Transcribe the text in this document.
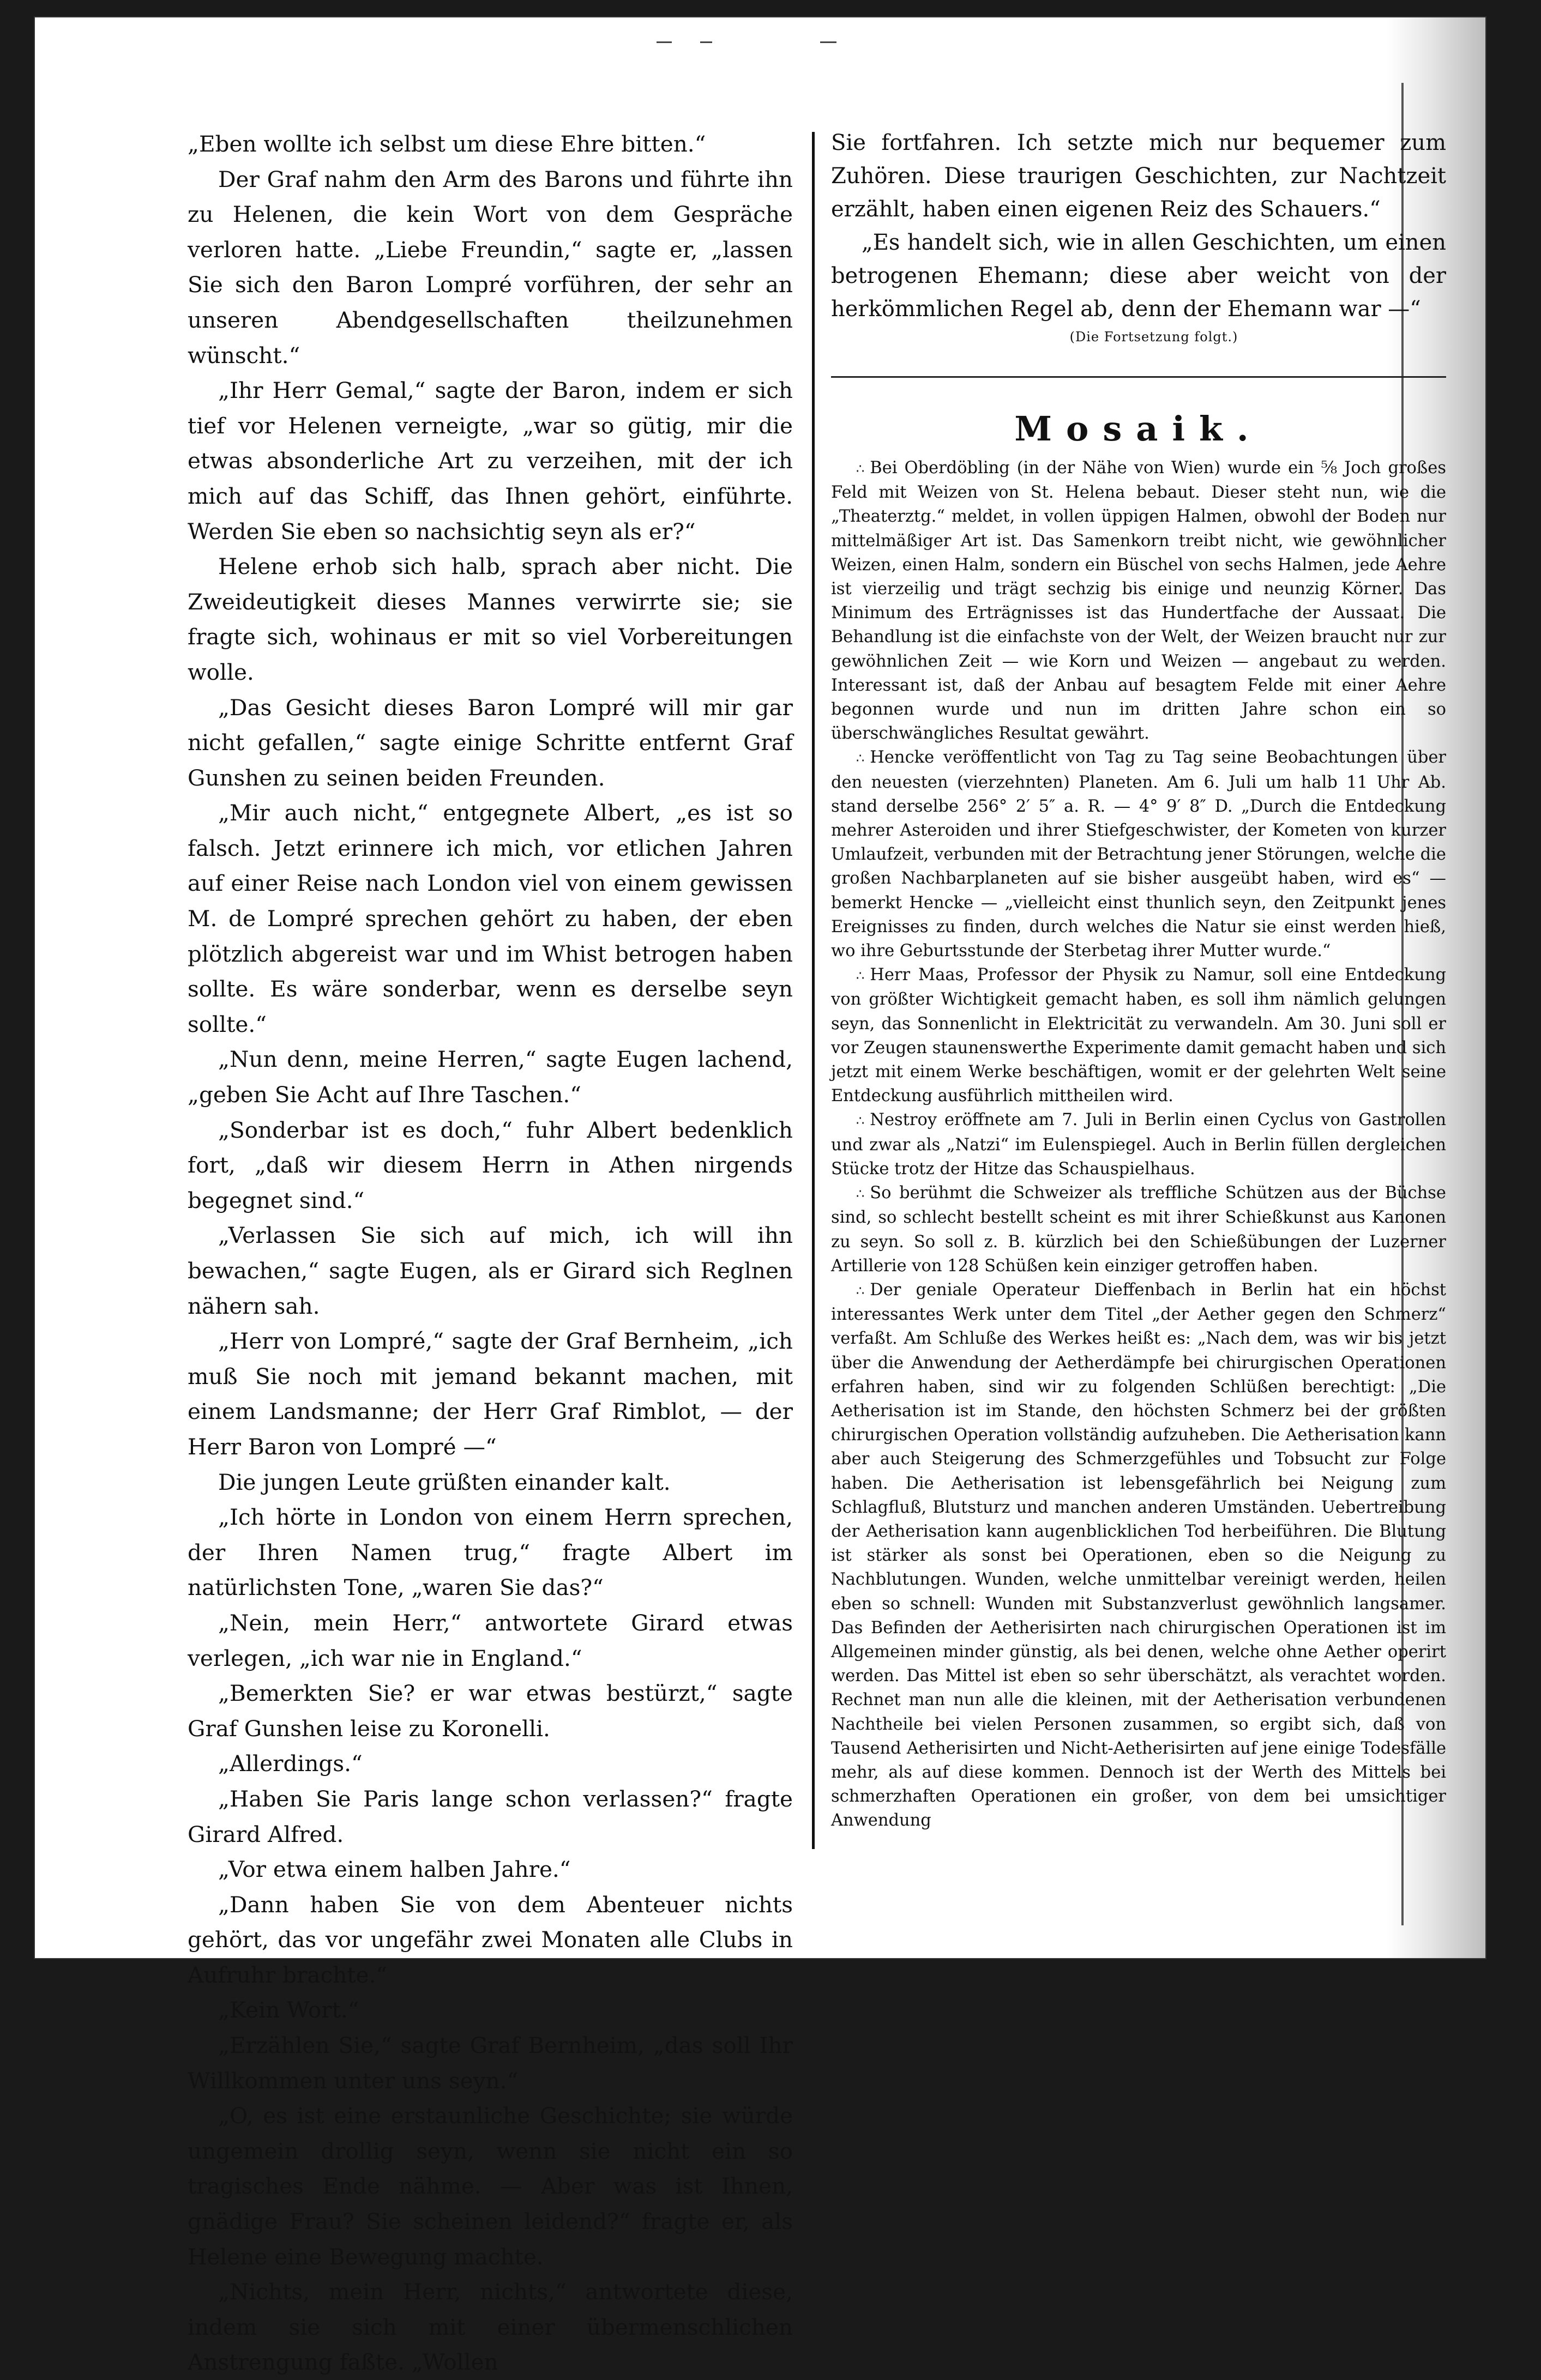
„Eben wollte ich selbst um diese Ehre bitten.“

Der Graf nahm den Arm des Barons und führte ihn zu Helenen, die kein Wort von dem Gespräche verloren hatte. „Liebe Freundin,“ sagte er, „lassen Sie sich den Baron Lompré vorführen, der sehr an unseren Abendgesellschaften theilzunehmen wünscht.“

„Ihr Herr Gemal,“ sagte der Baron, indem er sich tief vor Helenen verneigte, „war so gütig, mir die etwas absonderliche Art zu verzeihen, mit der ich mich auf das Schiff, das Ihnen gehört, einführte. Werden Sie eben so nachsichtig seyn als er?“

Helene erhob sich halb, sprach aber nicht. Die Zweideutigkeit dieses Mannes verwirrte sie; sie fragte sich, wohinaus er mit so viel Vorbereitungen wolle.

„Das Gesicht dieses Baron Lompré will mir gar nicht gefallen,“ sagte einige Schritte entfernt Graf Gunshen zu seinen beiden Freunden.

„Mir auch nicht,“ entgegnete Albert, „es ist so falsch. Jetzt erinnere ich mich, vor etlichen Jahren auf einer Reise nach London viel von einem gewissen M. de Lompré sprechen gehört zu haben, der eben plötzlich abgereist war und im Whist betrogen haben sollte. Es wäre sonderbar, wenn es derselbe seyn sollte.“

„Nun denn, meine Herren,“ sagte Eugen lachend, „geben Sie Acht auf Ihre Taschen.“

„Sonderbar ist es doch,“ fuhr Albert bedenklich fort, „daß wir diesem Herrn in Athen nirgends begegnet sind.“

„Verlassen Sie sich auf mich, ich will ihn bewachen,“ sagte Eugen, als er Girard sich Reglnen nähern sah.

„Herr von Lompré,“ sagte der Graf Bernheim, „ich muß Sie noch mit jemand bekannt machen, mit einem Landsmanne; der Herr Graf Rimblot, — der Herr Baron von Lompré —“

Die jungen Leute grüßten einander kalt.

„Ich hörte in London von einem Herrn sprechen, der Ihren Namen trug,“ fragte Albert im natürlichsten Tone, „waren Sie das?“

„Nein, mein Herr,“ antwortete Girard etwas verlegen, „ich war nie in England.“

„Bemerkten Sie? er war etwas bestürzt,“ sagte Graf Gunshen leise zu Koronelli.

„Allerdings.“

„Haben Sie Paris lange schon verlassen?“ fragte Girard Alfred.

„Vor etwa einem halben Jahre.“

„Dann haben Sie von dem Abenteuer nichts gehört, das vor ungefähr zwei Monaten alle Clubs in Aufruhr brachte.“

„Kein Wort.“

„Erzählen Sie,“ sagte Graf Bernheim, „das soll Ihr Willkommen unter uns seyn.“

„O, es ist eine erstaunliche Geschichte; sie würde ungemein drollig seyn, wenn sie nicht ein so tragisches Ende nähme. — Aber was ist Ihnen, gnädige Frau? Sie scheinen leidend?“ fragte er, als Helene eine Bewegung machte.

„Nichts, mein Herr, nichts,“ antwortete diese, indem sie sich mit einer übermenschlichen Anstrengung faßte. „Wollen

Sie fortfahren. Ich setzte mich nur bequemer zum Zuhören. Diese traurigen Geschichten, zur Nachtzeit erzählt, haben einen eigenen Reiz des Schauers.“

„Es handelt sich, wie in allen Geschichten, um einen betrogenen Ehemann; diese aber weicht von der herkömmlichen Regel ab, denn der Ehemann war —“

(Die Fortsetzung folgt.)

Mosaik.

∴ Bei Oberdöbling (in der Nähe von Wien) wurde ein ⅝ Joch großes Feld mit Weizen von St. Helena bebaut. Dieser steht nun, wie die „Theaterztg.“ meldet, in vollen üppigen Halmen, obwohl der Boden nur mittelmäßiger Art ist. Das Samenkorn treibt nicht, wie gewöhnlicher Weizen, einen Halm, sondern ein Büschel von sechs Halmen, jede Aehre ist vierzeilig und trägt sechzig bis einige und neunzig Körner. Das Minimum des Erträgnisses ist das Hundertfache der Aussaat. Die Behandlung ist die einfachste von der Welt, der Weizen braucht nur zur gewöhnlichen Zeit — wie Korn und Weizen — angebaut zu werden. Interessant ist, daß der Anbau auf besagtem Felde mit einer Aehre begonnen wurde und nun im dritten Jahre schon ein so überschwängliches Resultat gewährt.

∴ Hencke veröffentlicht von Tag zu Tag seine Beobachtungen über den neuesten (vierzehnten) Planeten. Am 6. Juli um halb 11 Uhr Ab. stand derselbe 256° 2′ 5″ a. R. — 4° 9′ 8″ D. „Durch die Entdeckung mehrer Asteroiden und ihrer Stiefgeschwister, der Kometen von kurzer Umlaufzeit, verbunden mit der Betrachtung jener Störungen, welche die großen Nachbarplaneten auf sie bisher ausgeübt haben, wird es“ — bemerkt Hencke — „vielleicht einst thunlich seyn, den Zeitpunkt jenes Ereignisses zu finden, durch welches die Natur sie einst werden hieß, wo ihre Geburtsstunde der Sterbetag ihrer Mutter wurde.“

∴ Herr Maas, Professor der Physik zu Namur, soll eine Entdeckung von größter Wichtigkeit gemacht haben, es soll ihm nämlich gelungen seyn, das Sonnenlicht in Elektricität zu verwandeln. Am 30. Juni soll er vor Zeugen staunenswerthe Experimente damit gemacht haben und sich jetzt mit einem Werke beschäftigen, womit er der gelehrten Welt seine Entdeckung ausführlich mittheilen wird.

∴ Nestroy eröffnete am 7. Juli in Berlin einen Cyclus von Gastrollen und zwar als „Natzi“ im Eulenspiegel. Auch in Berlin füllen dergleichen Stücke trotz der Hitze das Schauspielhaus.

∴ So berühmt die Schweizer als treffliche Schützen aus der Büchse sind, so schlecht bestellt scheint es mit ihrer Schießkunst aus Kanonen zu seyn. So soll z. B. kürzlich bei den Schießübungen der Luzerner Artillerie von 128 Schüßen kein einziger getroffen haben.

∴ Der geniale Operateur Dieffenbach in Berlin hat ein höchst interessantes Werk unter dem Titel „der Aether gegen den Schmerz“ verfaßt. Am Schluße des Werkes heißt es: „Nach dem, was wir bis jetzt über die Anwendung der Aetherdämpfe bei chirurgischen Operationen erfahren haben, sind wir zu folgenden Schlüßen berechtigt: „Die Aetherisation ist im Stande, den höchsten Schmerz bei der größten chirurgischen Operation vollständig aufzuheben. Die Aetherisation kann aber auch Steigerung des Schmerzgefühles und Tobsucht zur Folge haben. Die Aetherisation ist lebensgefährlich bei Neigung zum Schlagfluß, Blutsturz und manchen anderen Umständen. Uebertreibung der Aetherisation kann augenblicklichen Tod herbeiführen. Die Blutung ist stärker als sonst bei Operationen, eben so die Neigung zu Nachblutungen. Wunden, welche unmittelbar vereinigt werden, heilen eben so schnell: Wunden mit Substanzverlust gewöhnlich langsamer. Das Befinden der Aetherisirten nach chirurgischen Operationen ist im Allgemeinen minder günstig, als bei denen, welche ohne Aether operirt werden. Das Mittel ist eben so sehr überschätzt, als verachtet worden. Rechnet man nun alle die kleinen, mit der Aetherisation verbundenen Nachtheile bei vielen Personen zusammen, so ergibt sich, daß von Tausend Aetherisirten und Nicht-Aetherisirten auf jene einige Todesfälle mehr, als auf diese kommen. Dennoch ist der Werth des Mittels bei schmerzhaften Operationen ein großer, von dem bei umsichtiger Anwendung
